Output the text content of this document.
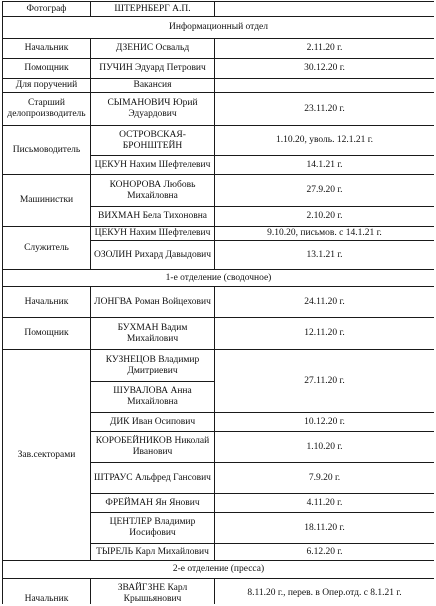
Фотограф	ШТЕРНБЕРГ А.П.	
Информационный отдел		
Начальник	ДЗЕНИС Освальд	2.11.20 г.
Помощник	ПУЧИН Эдуард Петрович	30.12.20 г.
Для поручений	Вакансия	
Старший делопроизводитель	СЫМАНОВИЧ Юрий Эдуардович	23.11.20 г.
Письмоводитель	ОСТРОВСКАЯ-БРОНШТЕЙН	1.10.20, уволь. 12.1.21 г.
	ЦЕКУН Нахим Шефтелевич	14.1.21 г.
Машинистки	КОНОРОВА Любовь Михайловна	27.9.20 г.
	ВИХМАН Бела Тихоновна	2.10.20 г.
Служитель	ЦЕКУН Нахим Шефтелевич	9.10.20, письмов. с 14.1.21 г.
	ОЗОЛИН Рихард Давыдович	13.1.21 г.
1-е отделение (сводочное)		
Начальник	ЛОНГВА Роман Войцехович	24.11.20 г.
Помощник	БУХМАН Вадим Михайлович	12.11.20 г.
Зав.секторами	КУЗНЕЦОВ Владимир Дмитриевич	27.11.20 г.
	ШУВАЛОВА Анна Михайловна	
	ДИК Иван Осипович	10.12.20 г.
	КОРОБЕЙНИКОВ Николай Иванович	1.10.20 г.
	ШТРАУС Альфред Гансович	7.9.20 г.
	ФРЕЙМАН Ян Янович	4.11.20 г.
	ЦЕНТЛЕР Владимир Иосифович	18.11.20 г.
	ТЫРЕЛЬ Карл Михайлович	6.12.20 г.
2-е отделение (пресса)		
Начальник	ЗВАЙГЗНЕ Карл Крышьянович	8.11.20 г., перев. в Опер.отд. с 8.1.21 г.
